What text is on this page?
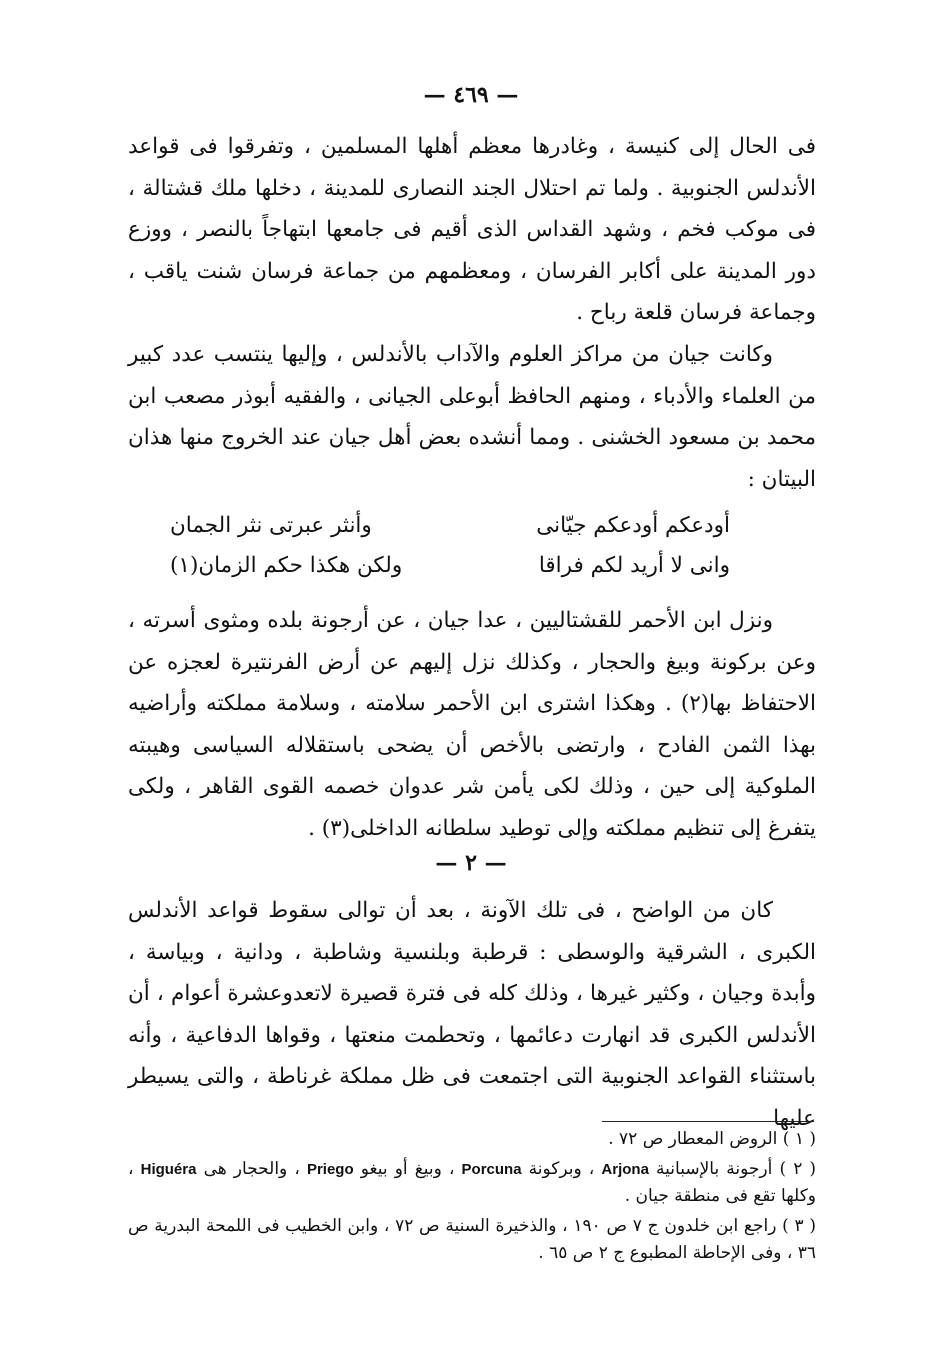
— ٤٦٩ —

فى الحال إلى كنيسة ، وغادرها معظم أهلها المسلمين ، وتفرقوا فى قواعد الأندلس الجنوبية . ولما تم احتلال الجند النصارى للمدينة ، دخلها ملك قشتالة ، فى موكب فخم ، وشهد القداس الذى أقيم فى جامعها ابتهاجاً بالنصر ، ووزع دور المدينة على أكابر الفرسان ، ومعظمهم من جماعة فرسان شنت ياقب ، وجماعة فرسان قلعة رباح .

وكانت جيان من مراكز العلوم والآداب بالأندلس ، وإليها ينتسب عدد كبير من العلماء والأدباء ، ومنهم الحافظ أبوعلى الجيانى ، والفقيه أبوذر مصعب ابن محمد بن مسعود الخشنى . ومما أنشده بعض أهل جيان عند الخروج منها هذان البيتان :

أودعكم أودعكم جيّانى
وأنثر عبرتى نثر الجمان
وانى لا أريد لكم فراقا
ولكن هكذا حكم الزمان(١)

ونزل ابن الأحمر للقشتاليين ، عدا جيان ، عن أرجونة بلده ومثوى أسرته ، وعن بركونة وبيغ والحجار ، وكذلك نزل إليهم عن أرض الفرنتيرة لعجزه عن الاحتفاظ بها(٢) . وهكذا اشترى ابن الأحمر سلامته ، وسلامة مملكته وأراضيه بهذا الثمن الفادح ، وارتضى بالأخص أن يضحى باستقلاله السياسى وهيبته الملوكية إلى حين ، وذلك لكى يأمن شر عدوان خصمه القوى القاهر ، ولكى يتفرغ إلى تنظيم مملكته وإلى توطيد سلطانه الداخلى(٣) .

— ٢ —

كان من الواضح ، فى تلك الآونة ، بعد أن توالى سقوط قواعد الأندلس الكبرى ، الشرقية والوسطى : قرطبة وبلنسية وشاطبة ، ودانية ، وبياسة ، وأبدة وجيان ، وكثير غيرها ، وذلك كله فى فترة قصيرة لاتعدوعشرة أعوام ، أن الأندلس الكبرى قد انهارت دعائمها ، وتحطمت منعتها ، وقواها الدفاعية ، وأنه باستثناء القواعد الجنوبية التى اجتمعت فى ظل مملكة غرناطة ، والتى يسيطر عليها

( ١ ) الروض المعطار ص ٧٢ .

( ٢ ) أرجونة بالإسبانية Arjona ، وبركونة Porcuna ، وبيغ أو بيغو Priego ، والحجار هى Higuéra ، وكلها تقع فى منطقة جيان .

( ٣ ) راجع ابن خلدون ج ٧ ص ١٩٠ ، والذخيرة السنية ص ٧٢ ، وابن الخطيب فى اللمحة البدرية ص ٣٦ ، وفى الإحاطة المطبوع ج ٢ ص ٦٥ .
